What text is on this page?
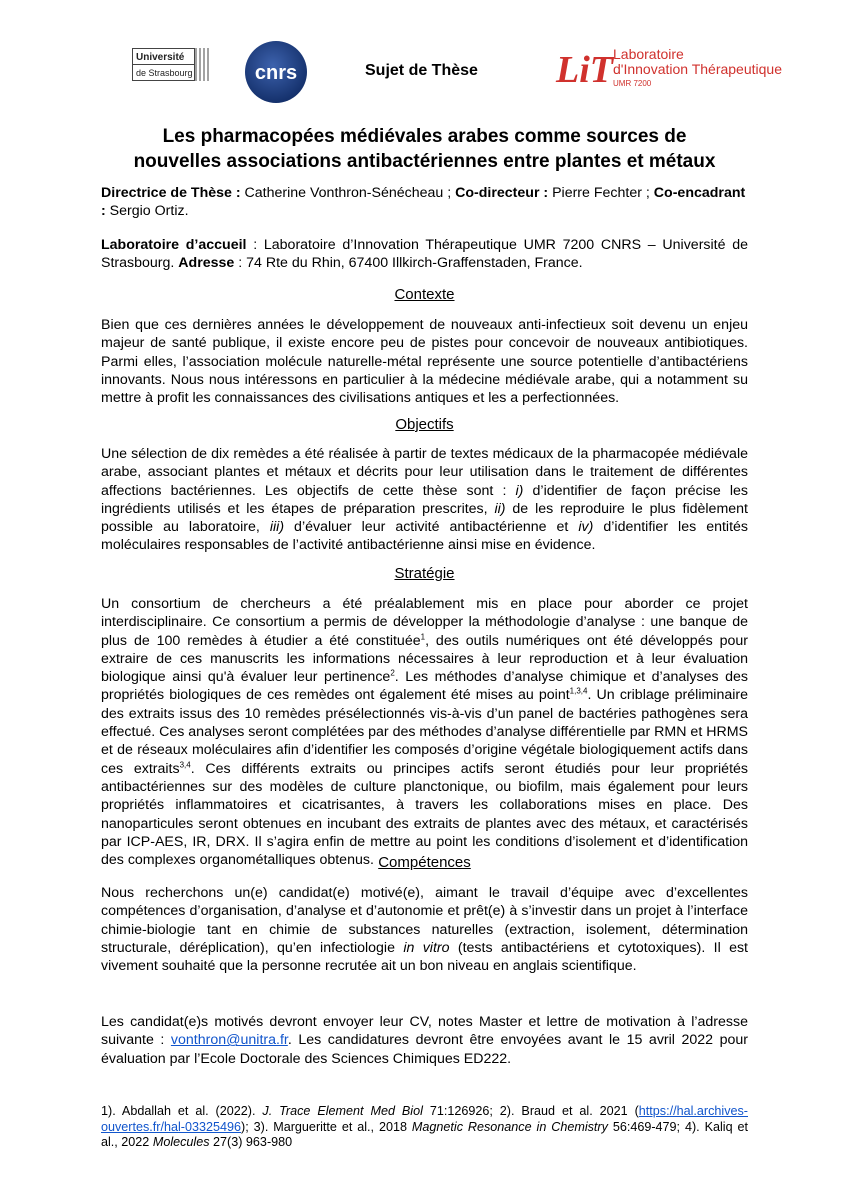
Université
de Strasbourg	cnrs	Sujet de Thèse LiT Laboratoire
d'Innovation Thérapeutique
UMR 7200
Les pharmacopées médiévales arabes comme sources de
nouvelles associations antibactériennes entre plantes et métaux
Directrice de Thèse : Catherine Vonthron-Sénécheau ; Co-directeur : Pierre Fechter ; Co-encadrant : Sergio Ortiz.
Laboratoire d’accueil : Laboratoire d’Innovation Thérapeutique UMR 7200 CNRS – Université de Strasbourg. Adresse : 74 Rte du Rhin, 67400 Illkirch-Graffenstaden, France.
Contexte
Bien que ces dernières années le développement de nouveaux anti-infectieux soit devenu un enjeu majeur de santé publique, il existe encore peu de pistes pour concevoir de nouveaux antibiotiques. Parmi elles, l’association molécule naturelle-métal représente une source potentielle d’antibactériens innovants. Nous nous intéressons en particulier à la médecine médiévale arabe, qui a notamment su mettre à profit les connaissances des civilisations antiques et les a perfectionnées.
Objectifs
Une sélection de dix remèdes a été réalisée à partir de textes médicaux de la pharmacopée médiévale arabe, associant plantes et métaux et décrits pour leur utilisation dans le traitement de différentes affections bactériennes. Les objectifs de cette thèse sont : i) d’identifier de façon précise les ingrédients utilisés et les étapes de préparation prescrites, ii) de les reproduire le plus fidèlement possible au laboratoire, iii) d’évaluer leur activité antibactérienne et iv) d’identifier les entités moléculaires responsables de l’activité antibactérienne ainsi mise en évidence.
Stratégie
Un consortium de chercheurs a été préalablement mis en place pour aborder ce projet interdisciplinaire. Ce consortium a permis de développer la méthodologie d’analyse : une banque de plus de 100 remèdes à étudier a été constituée$^1$, des outils numériques ont été développés pour extraire de ces manuscrits les informations nécessaires à leur reproduction et à leur évaluation biologique ainsi qu'à évaluer leur pertinence$^2$. Les méthodes d’analyse chimique et d’analyses des propriétés biologiques de ces remèdes ont également été mises au point$^{1,3,4}$. Un criblage préliminaire des extraits issus des 10 remèdes présélectionnés vis-à-vis d’un panel de bactéries pathogènes sera effectué. Ces analyses seront complétées par des méthodes d’analyse différentielle par RMN et HRMS et de réseaux moléculaires afin d’identifier les composés d’origine végétale biologiquement actifs dans ces extraits$^{3,4}$. Ces différents extraits ou principes actifs seront étudiés pour leur propriétés antibactériennes sur des modèles de culture planctonique, ou biofilm, mais également pour leurs propriétés inflammatoires et cicatrisantes, à travers les collaborations mises en place. Des nanoparticules seront obtenues en incubant des extraits de plantes avec des métaux, et caractérisés par ICP-AES, IR, DRX. Il s’agira enfin de mettre au point les conditions d’isolement et d’identification des complexes organométalliques obtenus. Compétences
Nous recherchons un(e) candidat(e) motivé(e), aimant le travail d’équipe avec d’excellentes compétences d’organisation, d’analyse et d’autonomie et prêt(e) à s’investir dans un projet à l’interface chimie-biologie tant en chimie de substances naturelles (extraction, isolement, détermination structurale, déréplication), qu’en infectiologie in vitro (tests antibactériens et cytotoxiques). Il est vivement souhaité que la personne recrutée ait un bon niveau en anglais scientifique.
Les candidat(e)s motivés devront envoyer leur CV, notes Master et lettre de motivation à l’adresse suivante : vonthron@unitra.fr. Les candidatures devront être envoyées avant le 15 avril 2022 pour évaluation par l’Ecole Doctorale des Sciences Chimiques ED222.
1). Abdallah et al. (2022). J. Trace Element Med Biol 71:126926; 2). Braud et al. 2021 (https://hal.archives-ouvertes.fr/hal-03325496); 3). Margueritte et al., 2018 Magnetic Resonance in Chemistry 56:469-479; 4). Kaliq et al., 2022 Molecules 27(3) 963-980
